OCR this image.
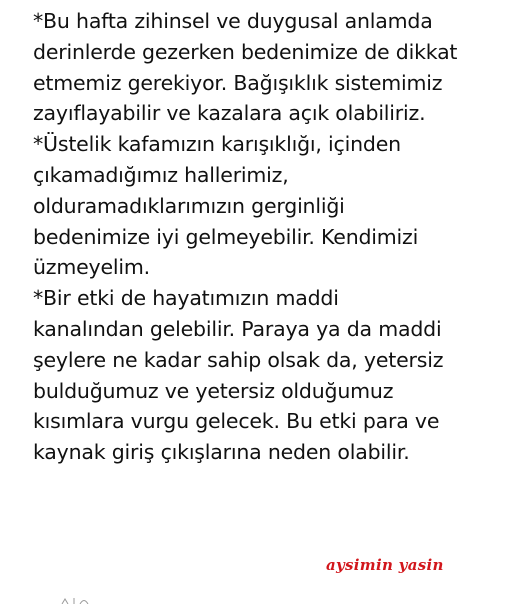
*Bu hafta zihinsel ve duygusal anlamda
derinlerde gezerken bedenimize de dikkat
etmemiz gerekiyor. Bağışıklık sistemimiz
zayıflayabilir ve kazalara açık olabiliriz.
*Üstelik kafamızın karışıklığı, içinden
çıkamadığımız hallerimiz,
olduramadıklarımızın gerginliği
bedenimize iyi gelmeyebilir. Kendimizi
üzmeyelim.
*Bir etki de hayatımızın maddi
kanalından gelebilir. Paraya ya da maddi
şeylere ne kadar sahip olsak da, yetersiz
bulduğumuz ve yetersiz olduğumuz
kısımlara vurgu gelecek. Bu etki para ve
kaynak giriş çıkışlarına neden olabilir.
aysimin yasin
